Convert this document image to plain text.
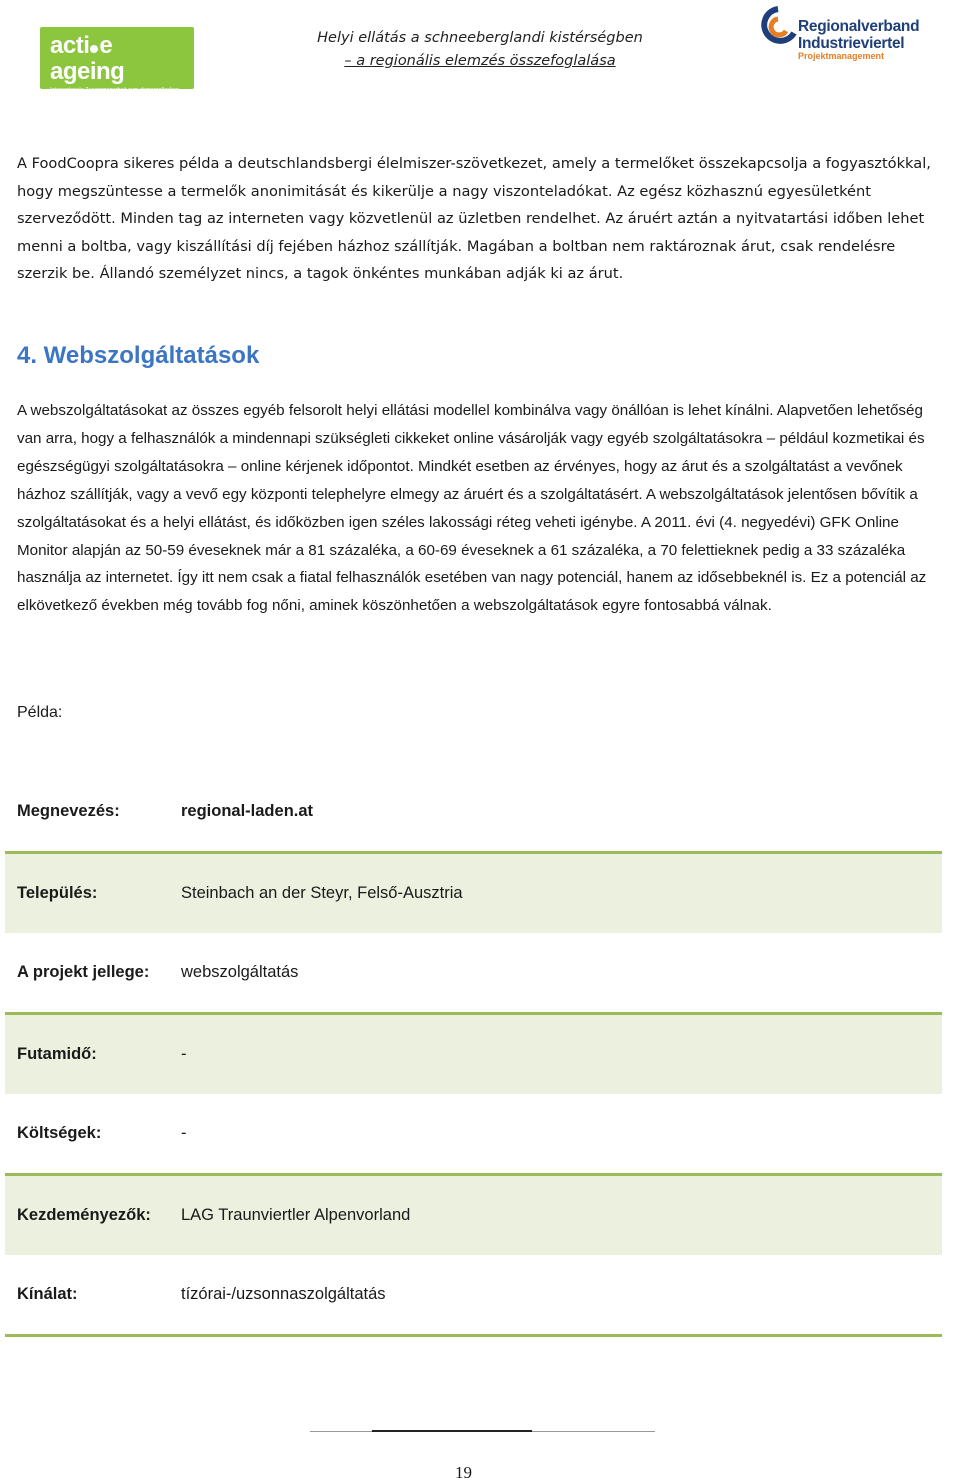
acti e ageing
Interregionale Zusammenarbeit zum demografischen Wandel · Interregionális együttműködés a demográfiai változások jegyében
Helyi ellátás a schneeberglandi kistérségben
– a regionális elemzés összefoglalása
Regionalverband
Industrieviertel
Projektmanagement

A FoodCoopra sikeres példa a deutschlandsbergi élelmiszer-szövetkezet, amely a termelőket összekapcsolja a fogyasztókkal, hogy megszüntesse a termelők anonimitását és kikerülje a nagy viszonteladókat. Az egész közhasznú egyesületként szerveződött. Minden tag az interneten vagy közvetlenül az üzletben rendelhet. Az áruért aztán a nyitvatartási időben lehet menni a boltba, vagy kiszállítási díj fejében házhoz szállítják. Magában a boltban nem raktároznak árut, csak rendelésre szerzik be. Állandó személyzet nincs, a tagok önkéntes munkában adják ki az árut.

4. Webszolgáltatások

A webszolgáltatásokat az összes egyéb felsorolt helyi ellátási modellel kombinálva vagy önállóan is lehet kínálni. Alapvetően lehetőség van arra, hogy a felhasználók a mindennapi szükségleti cikkeket online vásárolják vagy egyéb szolgáltatásokra – például kozmetikai és egészségügyi szolgáltatásokra – online kérjenek időpontot. Mindkét esetben az érvényes, hogy az árut és a szolgáltatást a vevőnek házhoz szállítják, vagy a vevő egy központi telephelyre elmegy az áruért és a szolgáltatásért. A webszolgáltatások jelentősen bővítik a szolgáltatásokat és a helyi ellátást, és időközben igen széles lakossági réteg veheti igénybe. A 2011. évi (4. negyedévi) GFK Online Monitor alapján az 50-59 éveseknek már a 81 százaléka, a 60-69 éveseknek a 61 százaléka, a 70 felettieknek pedig a 33 százaléka használja az internetet. Így itt nem csak a fiatal felhasználók esetében van nagy potenciál, hanem az idősebbeknél is. Ez a potenciál az elkövetkező években még tovább fog nőni, aminek köszönhetően a webszolgáltatások egyre fontosabbá válnak.

Példa:
Megnevezés:	regional-laden.at
Település:	Steinbach an der Steyr, Felső-Ausztria
A projekt jellege:	webszolgáltatás
Futamidő:	-
Költségek:	-
Kezdeményezők:	LAG Traunviertler Alpenvorland
Kínálat:	tízórai-/uzsonnaszolgáltatás
19
